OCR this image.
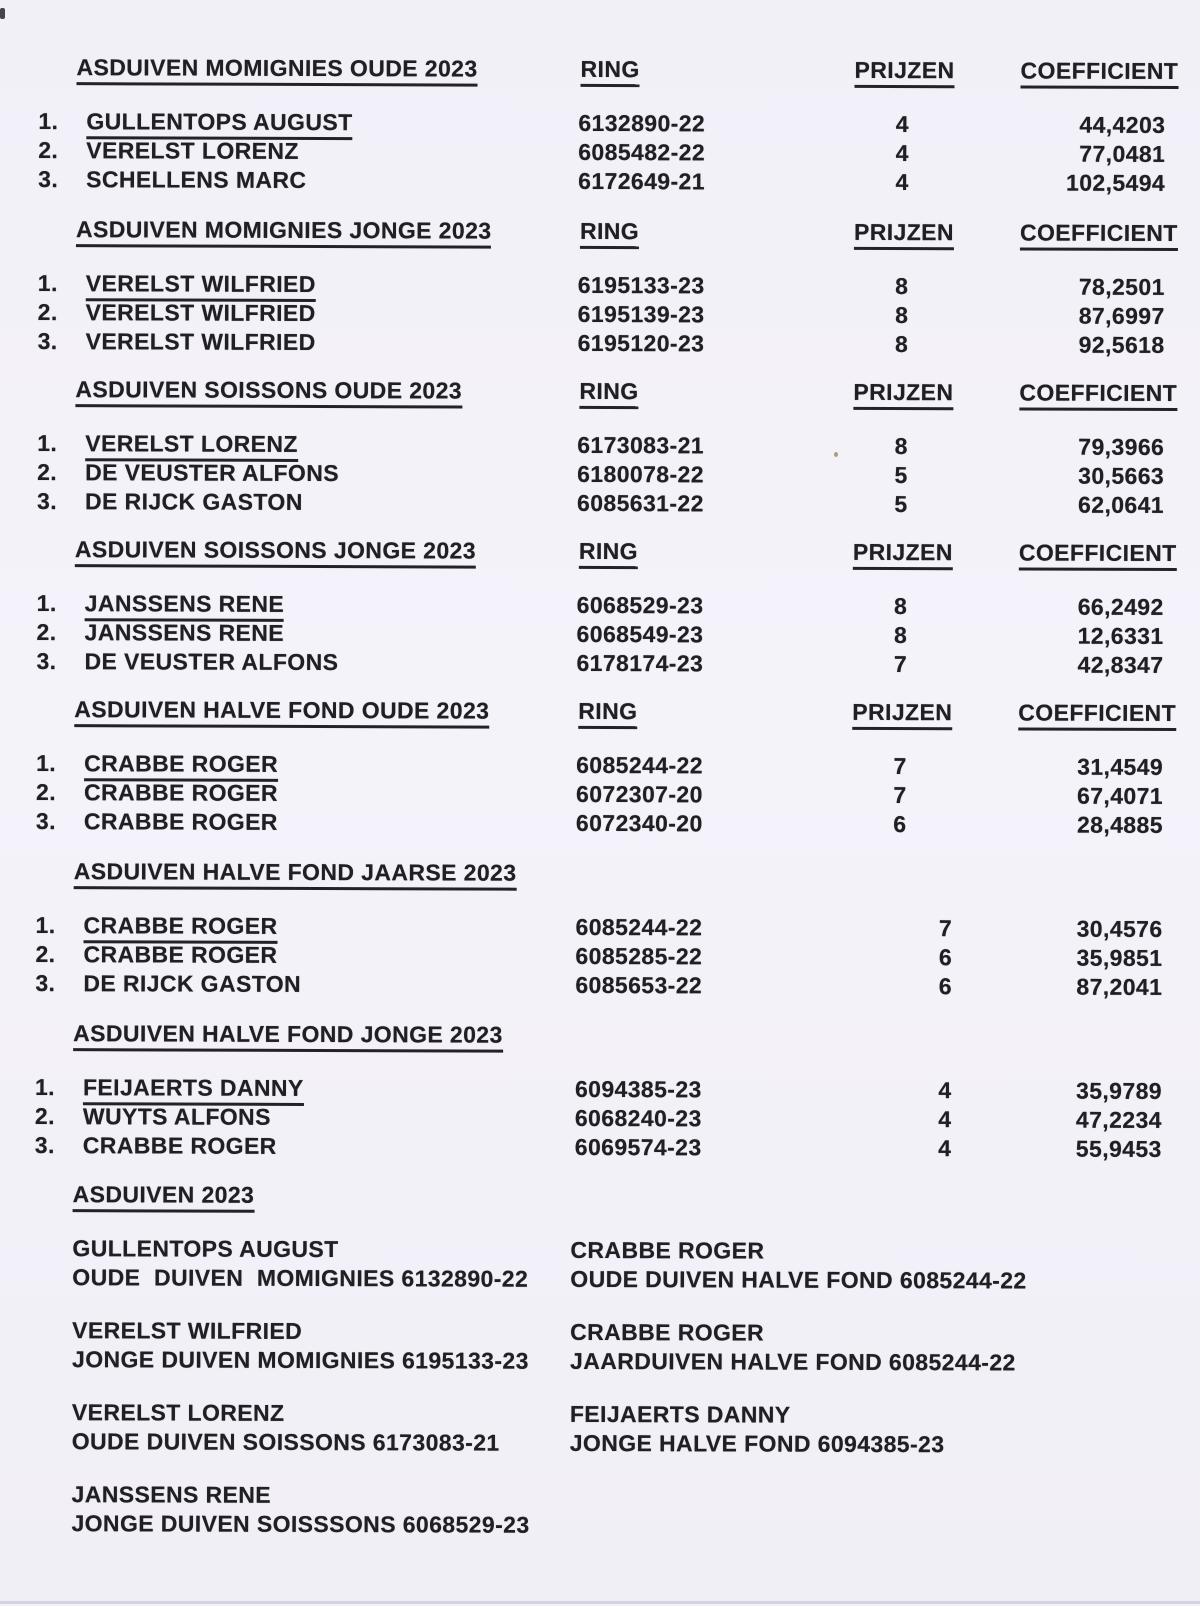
ASDUIVEN MOMIGNIES OUDE 2023	RING	PRIJZEN	COEFFICIENT
1. GULLENTOPS AUGUST	6132890-22	4	44,4203
2. VERELST LORENZ	6085482-22	4	77,0481
3. SCHELLENS MARC	6172649-21	4	102,5494
ASDUIVEN MOMIGNIES JONGE 2023	RING	PRIJZEN	COEFFICIENT
1. VERELST WILFRIED	6195133-23	8	78,2501
2. VERELST WILFRIED	6195139-23	8	87,6997
3. VERELST WILFRIED	6195120-23	8	92,5618
ASDUIVEN SOISSONS OUDE 2023	RING	PRIJZEN	COEFFICIENT
1. VERELST LORENZ	6173083-21	8	79,3966
2. DE VEUSTER ALFONS	6180078-22	5	30,5663
3. DE RIJCK GASTON	6085631-22	5	62,0641
ASDUIVEN SOISSONS JONGE 2023	RING	PRIJZEN	COEFFICIENT
1. JANSSENS RENE	6068529-23	8	66,2492
2. JANSSENS RENE	6068549-23	8	12,6331
3. DE VEUSTER ALFONS	6178174-23	7	42,8347
ASDUIVEN HALVE FOND OUDE 2023	RING	PRIJZEN	COEFFICIENT
1. CRABBE ROGER	6085244-22	7	31,4549
2. CRABBE ROGER	6072307-20	7	67,4071
3. CRABBE ROGER	6072340-20	6	28,4885
ASDUIVEN HALVE FOND JAARSE 2023
1. CRABBE ROGER	6085244-22	7	30,4576
2. CRABBE ROGER	6085285-22	6	35,9851
3. DE RIJCK GASTON	6085653-22	6	87,2041
ASDUIVEN HALVE FOND JONGE 2023
1. FEIJAERTS DANNY	6094385-23	4	35,9789
2. WUYTS ALFONS	6068240-23	4	47,2234
3. CRABBE ROGER	6069574-23	4	55,9453
ASDUIVEN 2023
GULLENTOPS AUGUST
OUDE  DUIVEN  MOMIGNIES 6132890-22
VERELST WILFRIED
JONGE DUIVEN MOMIGNIES 6195133-23
VERELST LORENZ
OUDE DUIVEN SOISSONS 6173083-21
JANSSENS RENE
JONGE DUIVEN SOISSSONS 6068529-23
CRABBE ROGER
OUDE DUIVEN HALVE FOND 6085244-22
CRABBE ROGER
JAARDUIVEN HALVE FOND 6085244-22
FEIJAERTS DANNY
JONGE HALVE FOND 6094385-23
